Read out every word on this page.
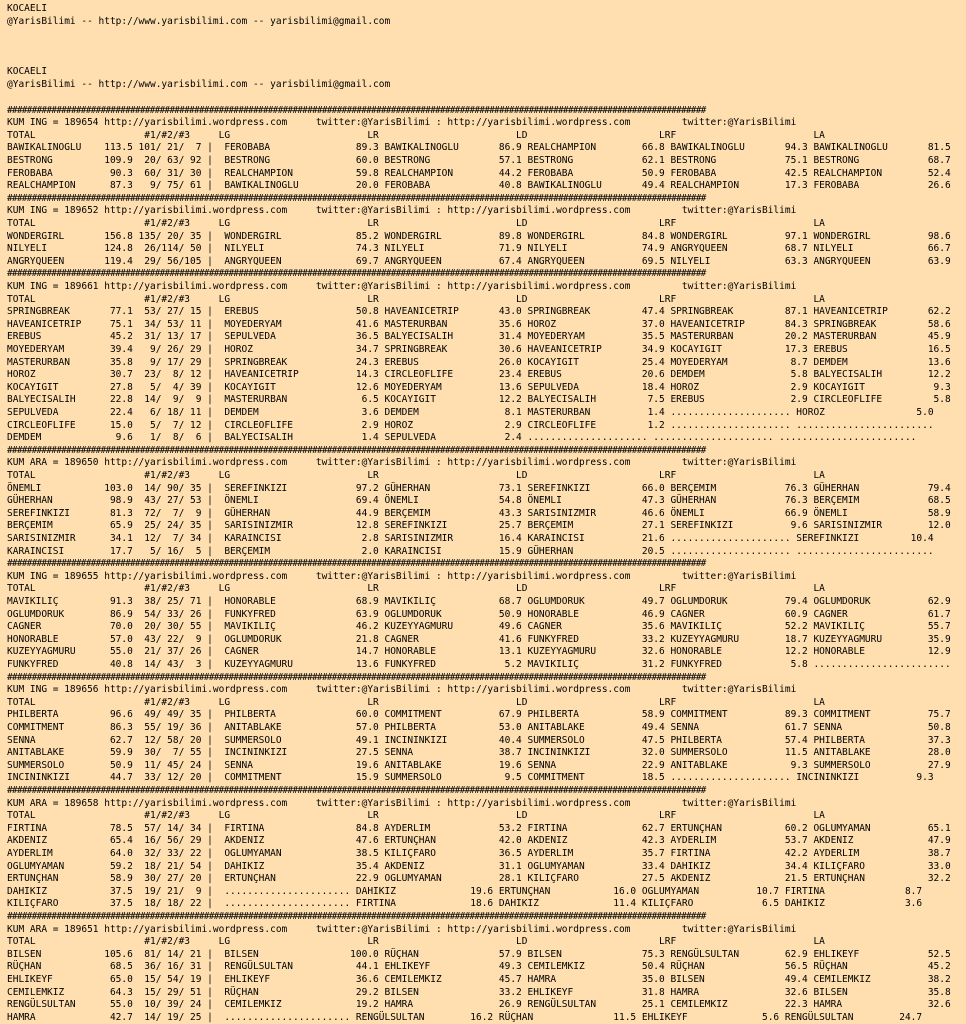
KOCAELI
@YarisBilimi -- http://www.yarisbilimi.com -- yarisbilimi@gmail.com
KOCAELI
@YarisBilimi -- http://www.yarisbilimi.com -- yarisbilimi@gmail.com
##############################################################################################################################################
KUM ING = 189654 http://yarisbilimi.wordpress.com     twitter:@YarisBilimi : http://yarisbilimi.wordpress.com         twitter:@YarisBilimi
TOTAL                   #1/#2/#3     LG                        LR                        LD                       LRF                        LA
BAWIKALINOGLU    113.5 101/ 21/  7 |  FEROBABA               89.3 BAWIKALINOGLU       86.9 REALCHAMPION        66.8 BAWIKALINOGLU       94.3 BAWIKALINOGLU       81.5
BESTRONG         109.9  20/ 63/ 92 |  BESTRONG               60.0 BESTRONG            57.1 BESTRONG            62.1 BESTRONG            75.1 BESTRONG            68.7
FEROBABA          90.3  60/ 31/ 30 |  REALCHAMPION           59.8 REALCHAMPION        44.2 FEROBABA            50.9 FEROBABA            42.5 REALCHAMPION        52.4
REALCHAMPION      87.3   9/ 75/ 61 |  BAWIKALINOGLU          20.0 FEROBABA            40.8 BAWIKALINOGLU       49.4 REALCHAMPION        17.3 FEROBABA            26.6
##############################################################################################################################################
KUM ING = 189652 http://yarisbilimi.wordpress.com     twitter:@YarisBilimi : http://yarisbilimi.wordpress.com         twitter:@YarisBilimi
TOTAL                   #1/#2/#3     LG                        LR                        LD                       LRF                        LA
WONDERGIRL       156.8 135/ 20/ 35 |  WONDERGIRL             85.2 WONDERGIRL          89.8 WONDERGIRL          84.8 WONDERGIRL          97.1 WONDERGIRL          98.6
NILYELI          124.8  26/114/ 50 |  NILYELI                74.3 NILYELI             71.9 NILYELI             74.9 ANGRYQUEEN          68.7 NILYELI             66.7
ANGRYQUEEN       119.4  29/ 56/105 |  ANGRYQUEEN             69.7 ANGRYQUEEN          67.4 ANGRYQUEEN          69.5 NILYELI             63.3 ANGRYQUEEN          63.9
##############################################################################################################################################
KUM ING = 189661 http://yarisbilimi.wordpress.com     twitter:@YarisBilimi : http://yarisbilimi.wordpress.com         twitter:@YarisBilimi
TOTAL                   #1/#2/#3     LG                        LR                        LD                       LRF                        LA
SPRINGBREAK       77.1  53/ 27/ 15 |  EREBUS                 50.8 HAVEANICETRIP       43.0 SPRINGBREAK         47.4 SPRINGBREAK         87.1 HAVEANICETRIP       62.2
HAVEANICETRIP     75.1  34/ 53/ 11 |  MOYEDERYAM             41.6 MASTERURBAN         35.6 HOROZ               37.0 HAVEANICETRIP       84.3 SPRINGBREAK         58.6
EREBUS            45.2  31/ 13/ 17 |  SEPULVEDA              36.5 BALYECISALIH        31.4 MOYEDERYAM          35.5 MASTERURBAN         20.2 MASTERURBAN         45.9
MOYEDERYAM        39.4   9/ 26/ 29 |  HOROZ                  34.7 SPRINGBREAK         30.6 HAVEANICETRIP       34.9 KOCAYIGIT           17.3 EREBUS              16.5
MASTERURBAN       35.8   9/ 17/ 29 |  SPRINGBREAK            24.3 EREBUS              26.0 KOCAYIGIT           25.4 MOYEDERYAM           8.7 DEMDEM              13.6
HOROZ             30.7  23/  8/ 12 |  HAVEANICETRIP          14.3 CIRCLEOFLIFE        23.4 EREBUS              20.6 DEMDEM               5.8 BALYECISALIH        12.2
KOCAYIGIT         27.8   5/  4/ 39 |  KOCAYIGIT              12.6 MOYEDERYAM          13.6 SEPULVEDA           18.4 HOROZ                2.9 KOCAYIGIT            9.3
BALYECISALIH      22.8  14/  9/  9 |  MASTERURBAN             6.5 KOCAYIGIT           12.2 BALYECISALIH         7.5 EREBUS               2.9 CIRCLEOFLIFE         5.8
SEPULVEDA         22.4   6/ 18/ 11 |  DEMDEM                  3.6 DEMDEM               8.1 MASTERURBAN          1.4 ..................... HOROZ                5.0
CIRCLEOFLIFE      15.0   5/  7/ 12 |  CIRCLEOFLIFE            2.9 HOROZ                2.9 CIRCLEOFLIFE         1.2 ..................... ........................
DEMDEM             9.6   1/  8/  6 |  BALYECISALIH            1.4 SEPULVEDA            2.4 ..................... ..................... ........................
##############################################################################################################################################
KUM ARA = 189650 http://yarisbilimi.wordpress.com     twitter:@YarisBilimi : http://yarisbilimi.wordpress.com         twitter:@YarisBilimi
TOTAL                   #1/#2/#3     LG                        LR                        LD                       LRF                        LA
ÖNEMLI           103.0  14/ 90/ 35 |  SEREFINKIZI            97.2 GÜHERHAN            73.1 SEREFINKIZI         66.0 BERÇEMIM            76.3 GÜHERHAN            79.4
GÜHERHAN          98.9  43/ 27/ 53 |  ÖNEMLI                 69.4 ÖNEMLI              54.8 ÖNEMLI              47.3 GÜHERHAN            76.3 BERÇEMIM            68.5
SEREFINKIZI       81.3  72/  7/  9 |  GÜHERHAN               44.9 BERÇEMIM            43.3 SARISINIZMIR        46.6 ÖNEMLI              66.9 ÖNEMLI              58.9
BERÇEMIM          65.9  25/ 24/ 35 |  SARISINIZMIR           12.8 SEREFINKIZI         25.7 BERÇEMIM            27.1 SEREFINKIZI          9.6 SARISINIZMIR        12.0
SARISINIZMIR      34.1  12/  7/ 34 |  KARAINCISI              2.8 SARISINIZMIR        16.4 KARAINCISI          21.6 ..................... SEREFINKIZI         10.4
KARAINCISI        17.7   5/ 16/  5 |  BERÇEMIM                2.0 KARAINCISI          15.9 GÜHERHAN            20.5 ..................... ........................
##############################################################################################################################################
KUM ING = 189655 http://yarisbilimi.wordpress.com     twitter:@YarisBilimi : http://yarisbilimi.wordpress.com         twitter:@YarisBilimi
TOTAL                   #1/#2/#3     LG                        LR                        LD                       LRF                        LA
MAVIKILIÇ         91.3  38/ 25/ 71 |  HONORABLE              68.9 MAVIKILIÇ           68.7 OGLUMDORUK          49.7 OGLUMDORUK          79.4 OGLUMDORUK          62.9
OGLUMDORUK        86.9  54/ 33/ 26 |  FUNKYFRED              63.9 OGLUMDORUK          50.9 HONORABLE           46.9 CAGNER              60.9 CAGNER              61.7
CAGNER            70.0  20/ 30/ 55 |  MAVIKILIÇ              46.2 KUZEYYAGMURU        49.6 CAGNER              35.6 MAVIKILIÇ           52.2 MAVIKILIÇ           55.7
HONORABLE         57.0  43/ 22/  9 |  OGLUMDORUK             21.8 CAGNER              41.6 FUNKYFRED           33.2 KUZEYYAGMURU        18.7 KUZEYYAGMURU        35.9
KUZEYYAGMURU      55.0  21/ 37/ 26 |  CAGNER                 14.7 HONORABLE           13.1 KUZEYYAGMURU        32.6 HONORABLE           12.2 HONORABLE           12.9
FUNKYFRED         40.8  14/ 43/  3 |  KUZEYYAGMURU           13.6 FUNKYFRED            5.2 MAVIKILIÇ           31.2 FUNKYFRED            5.8 ........................
##############################################################################################################################################
KUM ING = 189656 http://yarisbilimi.wordpress.com     twitter:@YarisBilimi : http://yarisbilimi.wordpress.com         twitter:@YarisBilimi
TOTAL                   #1/#2/#3     LG                        LR                        LD                       LRF                        LA
PHILBERTA         96.6  49/ 49/ 35 |  PHILBERTA              60.0 COMMITMENT          67.9 PHILBERTA           58.9 COMMITMENT          89.3 COMMITMENT          75.7
COMMITMENT        86.3  55/ 19/ 36 |  ANITABLAKE             57.0 PHILBERTA           53.0 ANITABLAKE          49.4 SENNA               61.7 SENNA               50.8
SENNA             62.7  12/ 58/ 20 |  SUMMERSOLO             49.1 INCININKIZI         40.4 SUMMERSOLO          47.5 PHILBERTA           57.4 PHILBERTA           37.3
ANITABLAKE        59.9  30/  7/ 55 |  INCININKIZI            27.5 SENNA               38.7 INCININKIZI         32.0 SUMMERSOLO          11.5 ANITABLAKE          28.0
SUMMERSOLO        50.9  11/ 45/ 24 |  SENNA                  19.6 ANITABLAKE          19.6 SENNA               22.9 ANITABLAKE           9.3 SUMMERSOLO          27.9
INCININKIZI       44.7  33/ 12/ 20 |  COMMITMENT             15.9 SUMMERSOLO           9.5 COMMITMENT          18.5 ..................... INCININKIZI          9.3
##############################################################################################################################################
KUM ARA = 189658 http://yarisbilimi.wordpress.com     twitter:@YarisBilimi : http://yarisbilimi.wordpress.com         twitter:@YarisBilimi
TOTAL                   #1/#2/#3     LG                        LR                        LD                       LRF                        LA
FIRTINA           78.5  57/ 14/ 34 |  FIRTINA                84.8 AYDERLIM            53.2 FIRTINA             62.7 ERTUNÇHAN           60.2 OGLUMYAMAN          65.1
AKDENIZ           65.4  16/ 56/ 29 |  AKDENIZ                47.6 ERTUNÇHAN           42.0 AKDENIZ             42.3 AYDERLIM            53.7 AKDENIZ             47.9
AYDERLIM          64.0  32/ 33/ 22 |  OGLUMYAMAN             38.5 KILIÇFARO           36.5 AYDERLIM            35.7 FIRTINA             42.2 AYDERLIM            38.7
OGLUMYAMAN        59.2  18/ 21/ 54 |  DAHIKIZ                35.4 AKDENIZ             31.1 OGLUMYAMAN          33.4 DAHIKIZ             34.4 KILIÇFARO           33.0
ERTUNÇHAN         58.9  30/ 27/ 20 |  ERTUNÇHAN              22.9 OGLUMYAMAN          28.1 KILIÇFARO           27.5 AKDENIZ             21.5 ERTUNÇHAN           32.2
DAHIKIZ           37.5  19/ 21/  9 |  ...................... DAHIKIZ             19.6 ERTUNÇHAN           16.0 OGLUMYAMAN          10.7 FIRTINA              8.7
KILIÇFARO         37.5  18/ 18/ 22 |  ...................... FIRTINA             18.6 DAHIKIZ             11.4 KILIÇFARO            6.5 DAHIKIZ              3.6
##############################################################################################################################################
KUM ARA = 189651 http://yarisbilimi.wordpress.com     twitter:@YarisBilimi : http://yarisbilimi.wordpress.com         twitter:@YarisBilimi
TOTAL                   #1/#2/#3     LG                        LR                        LD                       LRF                        LA
BILSEN           105.6  81/ 14/ 21 |  BILSEN                100.0 RÜÇHAN              57.9 BILSEN              75.3 RENGÜLSULTAN        62.9 EHLIKEYF            52.5
RÜÇHAN            68.5  36/ 16/ 31 |  RENGÜLSULTAN           44.1 EHLIKEYF            49.3 CEMILEMKIZ          50.4 RÜÇHAN              56.5 RÜÇHAN              45.2
EHLIKEYF          65.0  15/ 54/ 19 |  EHLIKEYF               36.6 CEMILEMKIZ          45.7 HAMRA               35.0 BILSEN              49.4 CEMILEMKIZ          38.2
CEMILEMKIZ        64.3  15/ 29/ 51 |  RÜÇHAN                 29.2 BILSEN              33.2 EHLIKEYF            31.8 HAMRA               32.6 BILSEN              35.8
RENGÜLSULTAN      55.0  10/ 39/ 24 |  CEMILEMKIZ             19.2 HAMRA               26.9 RENGÜLSULTAN        25.1 CEMILEMKIZ          22.3 HAMRA               32.6
HAMRA             42.7  14/ 19/ 25 |  ...................... RENGÜLSULTAN        16.2 RÜÇHAN              11.5 EHLIKEYF             5.6 RENGÜLSULTAN        24.7
